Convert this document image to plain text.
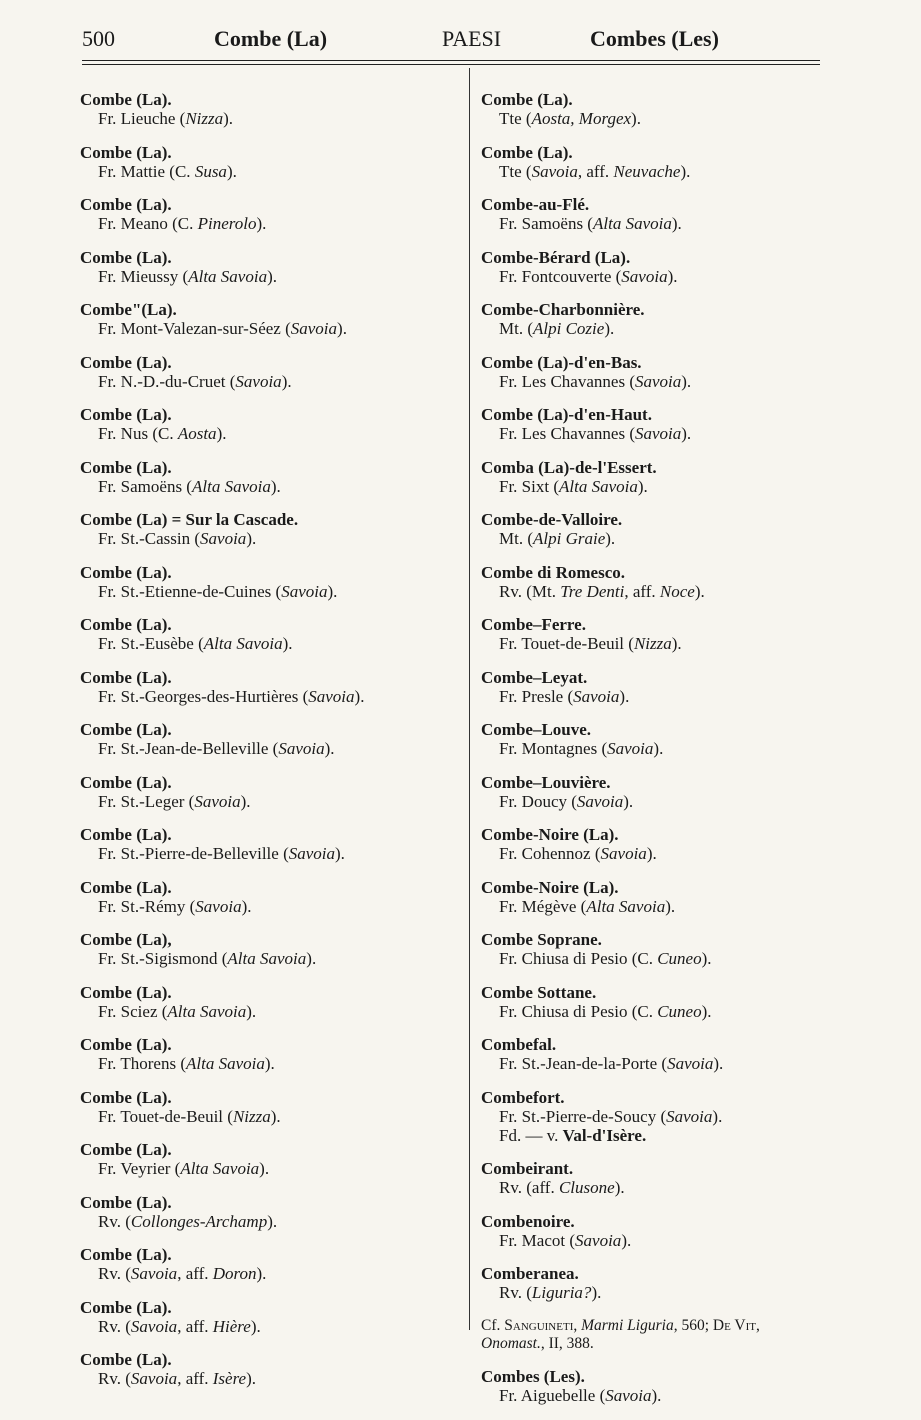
500	Combe (La)	PAESI	Combes (Les)
Combe (La).
Fr. Lieuche (Nizza).
Combe (La).
Fr. Mattie (C. Susa).
Combe (La).
Fr. Meano (C. Pinerolo).
Combe (La).
Fr. Mieussy (Alta Savoia).
Combe"(La).
Fr. Mont-Valezan-sur-Séez (Savoia).
Combe (La).
Fr. N.-D.-du-Cruet (Savoia).
Combe (La).
Fr. Nus (C. Aosta).
Combe (La).
Fr. Samoëns (Alta Savoia).
Combe (La) = Sur la Cascade.
Fr. St.-Cassin (Savoia).
Combe (La).
Fr. St.-Etienne-de-Cuines (Savoia).
Combe (La).
Fr. St.-Eusèbe (Alta Savoia).
Combe (La).
Fr. St.-Georges-des-Hurtières (Savoia).
Combe (La).
Fr. St.-Jean-de-Belleville (Savoia).
Combe (La).
Fr. St.-Leger (Savoia).
Combe (La).
Fr. St.-Pierre-de-Belleville (Savoia).
Combe (La).
Fr. St.-Rémy (Savoia).
Combe (La),
Fr. St.-Sigismond (Alta Savoia).
Combe (La).
Fr. Sciez (Alta Savoia).
Combe (La).
Fr. Thorens (Alta Savoia).
Combe (La).
Fr. Touet-de-Beuil (Nizza).
Combe (La).
Fr. Veyrier (Alta Savoia).
Combe (La).
Rv. (Collonges-Archamp).
Combe (La).
Rv. (Savoia, aff. Doron).
Combe (La).
Rv. (Savoia, aff. Hière).
Combe (La).
Rv. (Savoia, aff. Isère).
Combe (La).
Tte (Aosta, Morgex).
Combe (La).
Tte (Savoia, aff. Neuvache).
Combe-au-Flé.
Fr. Samoëns (Alta Savoia).
Combe-Bérard (La).
Fr. Fontcouverte (Savoia).
Combe-Charbonnière.
Mt. (Alpi Cozie).
Combe (La)-d'en-Bas.
Fr. Les Chavannes (Savoia).
Combe (La)-d'en-Haut.
Fr. Les Chavannes (Savoia).
Comba (La)-de-l'Essert.
Fr. Sixt (Alta Savoia).
Combe-de-Valloire.
Mt. (Alpi Graie).
Combe di Romesco.
Rv. (Mt. Tre Denti, aff. Noce).
Combe–Ferre.
Fr. Touet-de-Beuil (Nizza).
Combe–Leyat.
Fr. Presle (Savoia).
Combe–Louve.
Fr. Montagnes (Savoia).
Combe–Louvière.
Fr. Doucy (Savoia).
Combe-Noire (La).
Fr. Cohennoz (Savoia).
Combe-Noire (La).
Fr. Mégève (Alta Savoia).
Combe Soprane.
Fr. Chiusa di Pesio (C. Cuneo).
Combe Sottane.
Fr. Chiusa di Pesio (C. Cuneo).
Combefal.
Fr. St.-Jean-de-la-Porte (Savoia).
Combefort.
Fr. St.-Pierre-de-Soucy (Savoia).
Fd. — v. Val-d'Isère.
Combeirant.
Rv. (aff. Clusone).
Combenoire.
Fr. Macot (Savoia).
Comberanea.
Rv. (Liguria?).
Cf. Sanguineti, Marmi Liguria, 560; De Vit, Onomast., II, 388.
Combes (Les).
Fr. Aiguebelle (Savoia).
